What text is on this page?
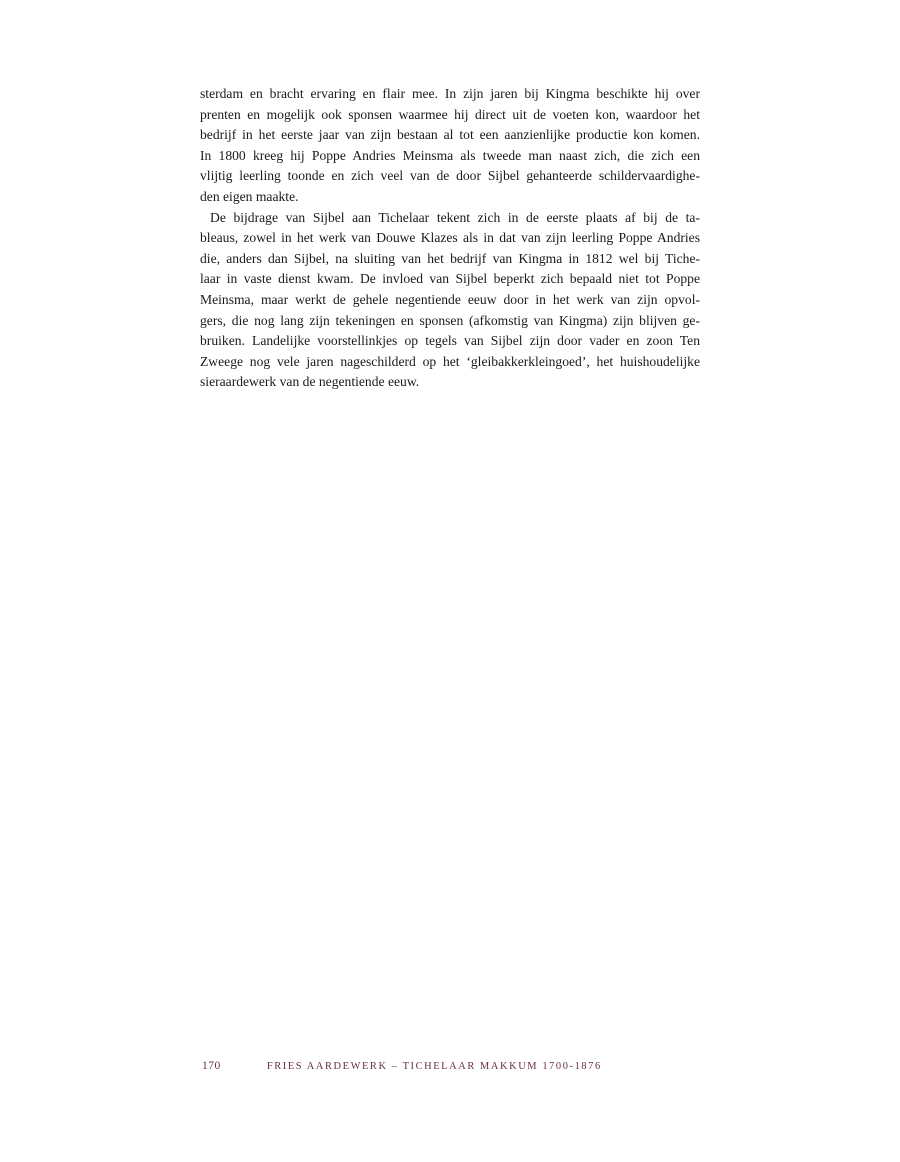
sterdam en bracht ervaring en flair mee. In zijn jaren bij Kingma beschikte hij over
prenten en mogelijk ook sponsen waarmee hij direct uit de voeten kon, waardoor het
bedrijf in het eerste jaar van zijn bestaan al tot een aanzienlijke productie kon komen.
In 1800 kreeg hij Poppe Andries Meinsma als tweede man naast zich, die zich een
vlijtig leerling toonde en zich veel van de door Sijbel gehanteerde schildervaardighe-
den eigen maakte.
De bijdrage van Sijbel aan Tichelaar tekent zich in de eerste plaats af bij de ta-
bleaus, zowel in het werk van Douwe Klazes als in dat van zijn leerling Poppe Andries
die, anders dan Sijbel, na sluiting van het bedrijf van Kingma in 1812 wel bij Tiche-
laar in vaste dienst kwam. De invloed van Sijbel beperkt zich bepaald niet tot Poppe
Meinsma, maar werkt de gehele negentiende eeuw door in het werk van zijn opvol-
gers, die nog lang zijn tekeningen en sponsen (afkomstig van Kingma) zijn blijven ge-
bruiken. Landelijke voorstellinkjes op tegels van Sijbel zijn door vader en zoon Ten
Zweege nog vele jaren nageschilderd op het ‘gleibakkerkleingoed’, het huishoudelijke
sieraardewerk van de negentiende eeuw.
170	FRIES AARDEWERK – TICHELAAR MAKKUM 1700-1876
